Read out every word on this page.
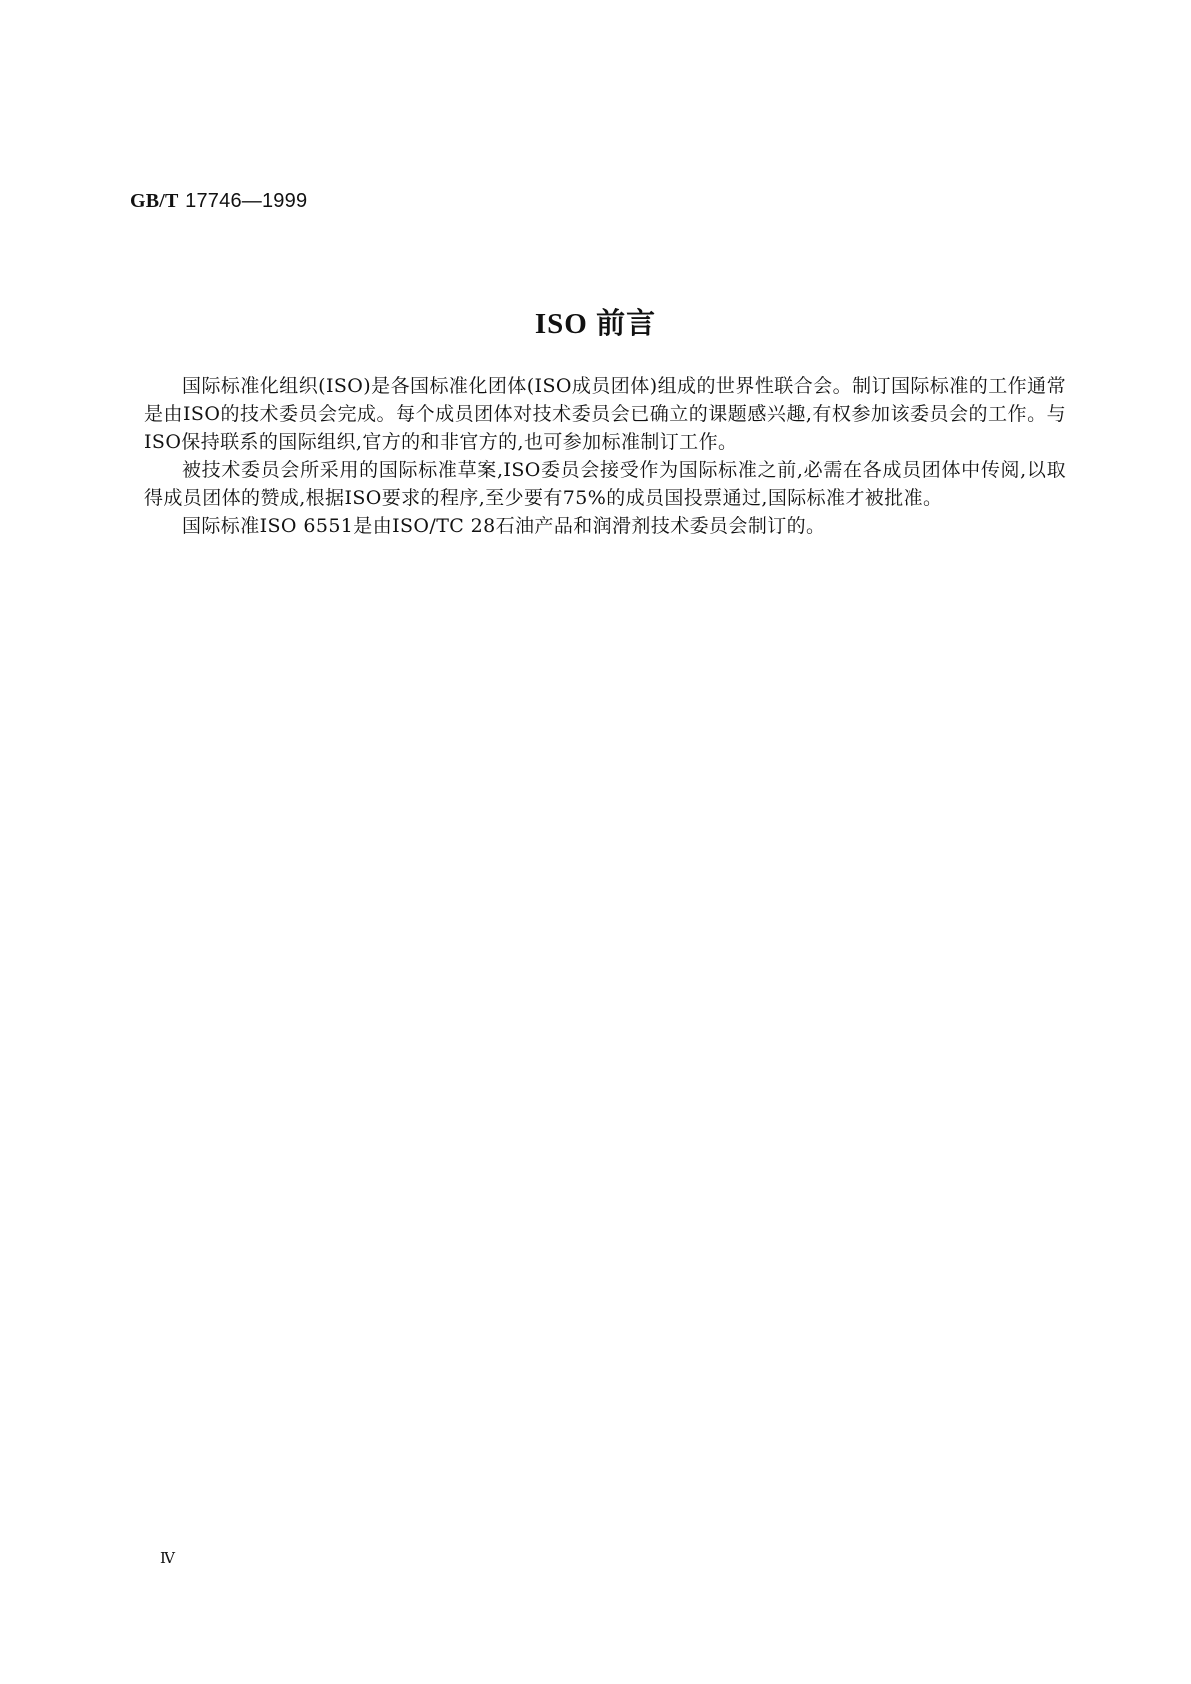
GB/T 17746—1999
ISO 前言

国际标准化组织(ISO)是各国标准化团体(ISO成员团体)组成的世界性联合会。制订国际标准的工作通常是由ISO的技术委员会完成。每个成员团体对技术委员会已确立的课题感兴趣,有权参加该委员会的工作。与ISO保持联系的国际组织,官方的和非官方的,也可参加标准制订工作。

被技术委员会所采用的国际标准草案,ISO委员会接受作为国际标准之前,必需在各成员团体中传阅,以取得成员团体的赞成,根据ISO要求的程序,至少要有75%的成员国投票通过,国际标准才被批准。

国际标准ISO 6551是由ISO/TC 28石油产品和润滑剂技术委员会制订的。

Ⅳ
